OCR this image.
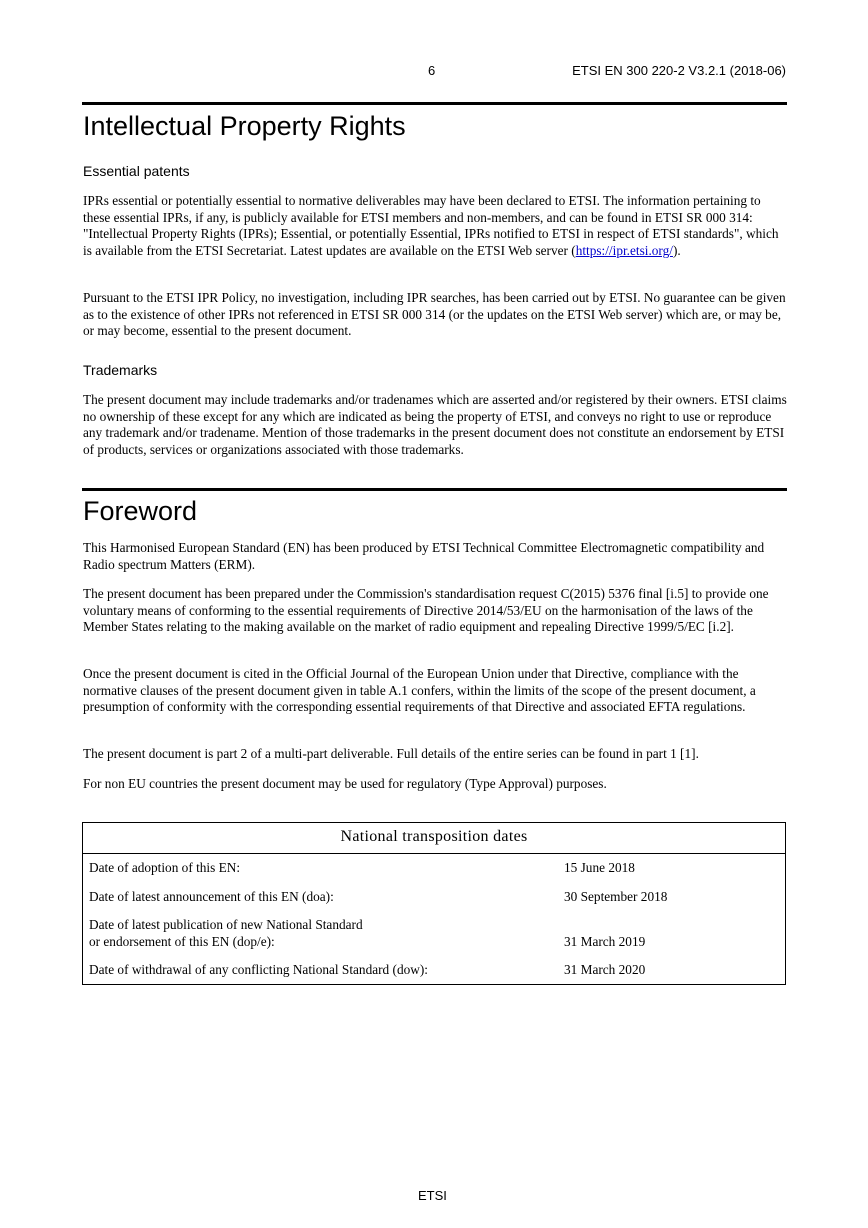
6	ETSI EN 300 220-2 V3.2.1 (2018-06)
Intellectual Property Rights
Essential patents

IPRs essential or potentially essential to normative deliverables may have been declared to ETSI. The information pertaining to these essential IPRs, if any, is publicly available for ETSI members and non-members, and can be found in ETSI SR 000 314: "Intellectual Property Rights (IPRs); Essential, or potentially Essential, IPRs notified to ETSI in respect of ETSI standards", which is available from the ETSI Secretariat. Latest updates are available on the ETSI Web server (https://ipr.etsi.org/).

Pursuant to the ETSI IPR Policy, no investigation, including IPR searches, has been carried out by ETSI. No guarantee can be given as to the existence of other IPRs not referenced in ETSI SR 000 314 (or the updates on the ETSI Web server) which are, or may be, or may become, essential to the present document.

Trademarks

The present document may include trademarks and/or tradenames which are asserted and/or registered by their owners. ETSI claims no ownership of these except for any which are indicated as being the property of ETSI, and conveys no right to use or reproduce any trademark and/or tradename. Mention of those trademarks in the present document does not constitute an endorsement by ETSI of products, services or organizations associated with those trademarks.

Foreword

This Harmonised European Standard (EN) has been produced by ETSI Technical Committee Electromagnetic compatibility and Radio spectrum Matters (ERM).

The present document has been prepared under the Commission's standardisation request C(2015) 5376 final [i.5] to provide one voluntary means of conforming to the essential requirements of Directive 2014/53/EU on the harmonisation of the laws of the Member States relating to the making available on the market of radio equipment and repealing Directive 1999/5/EC [i.2].

Once the present document is cited in the Official Journal of the European Union under that Directive, compliance with the normative clauses of the present document given in table A.1 confers, within the limits of the scope of the present document, a presumption of conformity with the corresponding essential requirements of that Directive and associated EFTA regulations.

The present document is part 2 of a multi-part deliverable. Full details of the entire series can be found in part 1 [1].

For non EU countries the present document may be used for regulatory (Type Approval) purposes.

National transposition dates
Date of adoption of this EN:	15 June 2018
Date of latest announcement of this EN (doa):	30 September 2018
Date of latest publication of new National Standard
or endorsement of this EN (dop/e):	31 March 2019
Date of withdrawal of any conflicting National Standard (dow):	31 March 2020
ETSI
